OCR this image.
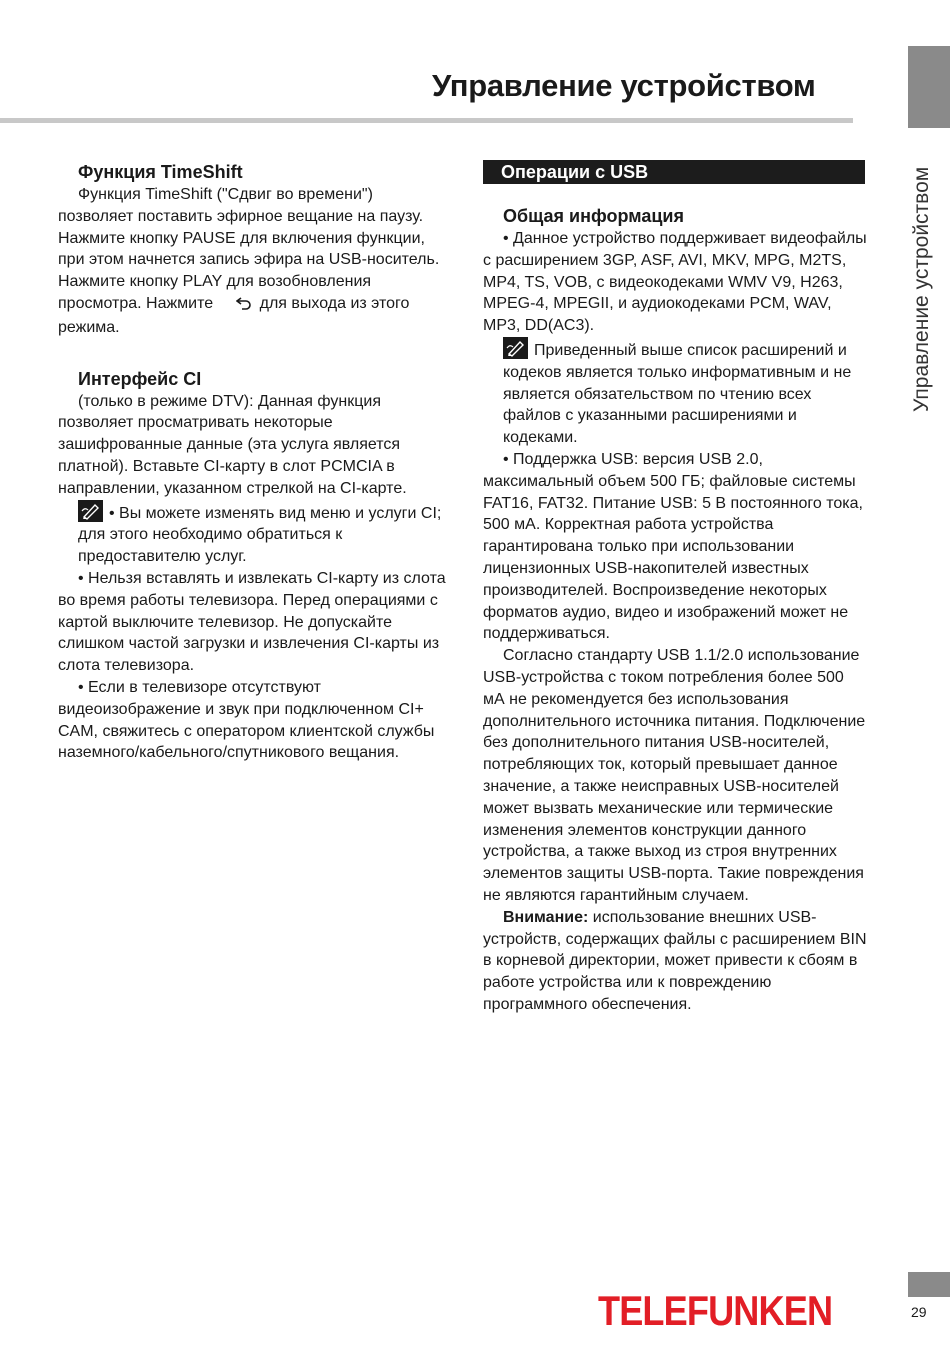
Управление устройством
Управление устройством
Функция TimeShift

Функция TimeShift ("Сдвиг во времени") позволяет поставить эфирное вещание на паузу. Нажмите кнопку PAUSE для включения функции, при этом начнется запись эфира на USB-носитель. Нажмите кнопку PLAY для возобновления просмотра. Нажмите	для выхода из этого режима.

Интерфейс CI

(только в режиме DTV): Данная функция позволяет просматривать некоторые зашифрованные данные (эта услуга является платной). Вставьте CI-карту в слот PCMCIA в направлении, указанном стрелкой на CI-карте.

• Вы можете изменять вид меню и услуги CI; для этого необходимо обратиться к предоставителю услуг.

• Нельзя вставлять и извлекать CI-карту из слота во время работы телевизора. Перед операциями с картой выключите телевизор. Не допускайте слишком частой загрузки и извлечения CI-карты из слота телевизора.

• Если в телевизоре отсутствуют видеоизображение и звук при подключенном CI+ CAM, свяжитесь с оператором клиентской службы наземного/кабельного/спутникового вещания.

Операции с USB
Общая информация

• Данное устройство поддерживает видеофайлы с расширением 3GP, ASF, AVI, MKV, MPG, M2TS, MP4, TS, VOB, с видеокодеками WMV V9, H263, MPEG-4, MPEGII, и аудиокодеками PCM, WAV, MP3, DD(AC3).

Приведенный выше список расширений и кодеков является только информативным и не является обязательством по чтению всех файлов с указанными расширениями и кодеками.

• Поддержка USB: версия USB 2.0, максимальный объем 500 ГБ; файловые системы FAT16, FAT32. Питание USB: 5 В постоянного тока, 500 мА. Корректная работа устройства гарантирована только при использовании лицензионных USB-накопителей известных производителей. Воспроизведение некоторых форматов аудио, видео и изображений может не поддерживаться.

Согласно стандарту USB 1.1/2.0 использование USB-устройства с током потребления более 500 мА не рекомендуется без использования дополнительного источника питания. Подключение без дополнительного питания USB-носителей, потребляющих ток, который превышает данное значение, а также неисправных USB-носителей может вызвать механические или термические изменения элементов конструкции данного устройства, а также выход из строя внутренних элементов защиты USB-порта. Такие повреждения не являются гарантийным случаем.

Внимание: использование внешних USB-устройств, содержащих файлы с расширением BIN в корневой директории, может привести к сбоям в работе устройства или к повреждению программного обеспечения.

TELEFUNKEN	29
